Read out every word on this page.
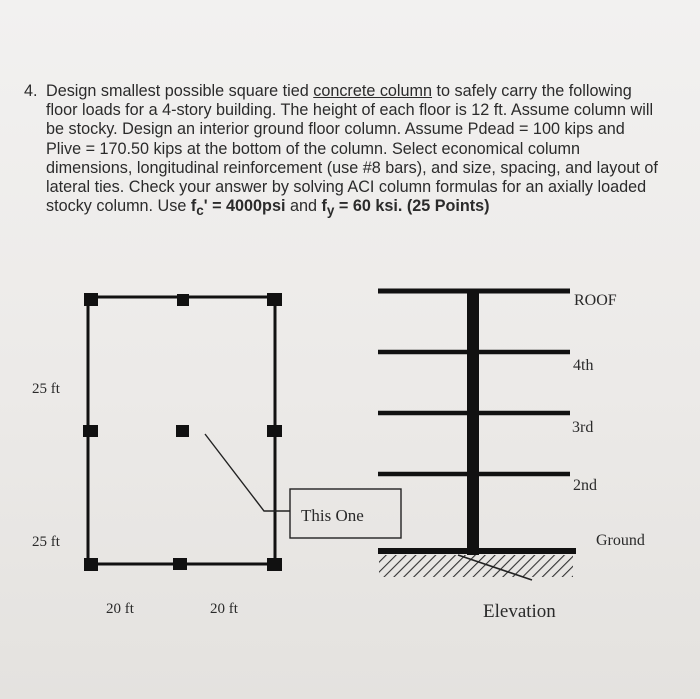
4. Design smallest possible square tied concrete column to safely carry the following floor loads for a 4-story building. The height of each floor is 12 ft. Assume column will be stocky. Design an interior ground floor column. Assume Pdead = 100 kips and Plive = 170.50 kips at the bottom of the column. Select economical column dimensions, longitudinal reinforcement (use #8 bars), and size, spacing, and layout of lateral ties. Check your answer by solving ACI column formulas for an axially loaded stocky column. Use $f_c' = 4000psi$ and $f_y = 60$ ksi. (25 Points)
This One
25 ft
25 ft
20 ft	20 ft
ROOF
4th
3rd
2nd
Ground
Elevation
